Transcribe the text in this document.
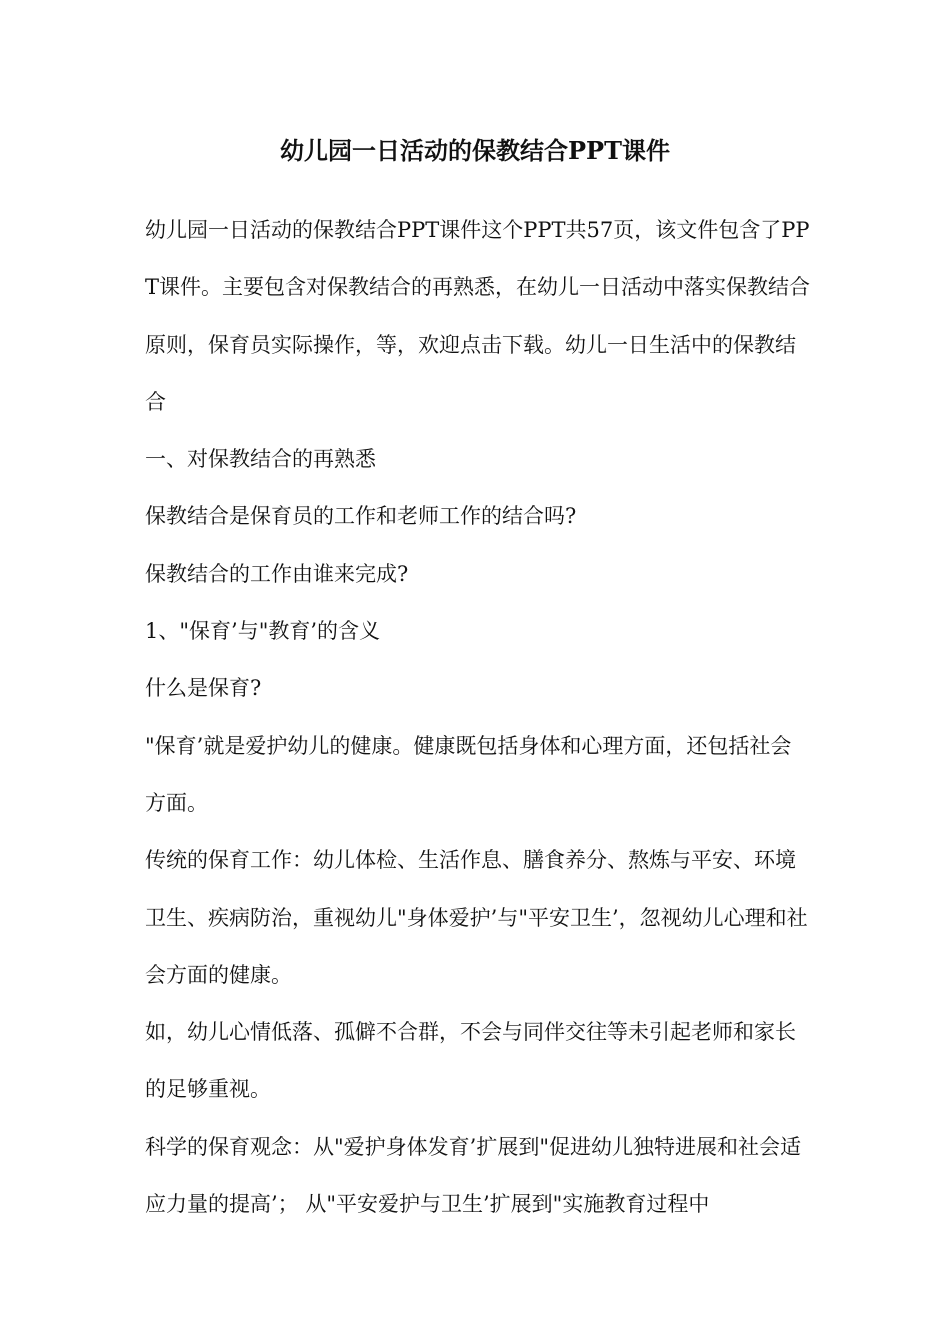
幼儿园一日活动的保教结合PPT课件

幼儿园一日活动的保教结合PPT课件这个PPT共57页，该文件包含了PPT课件。主要包含对保教结合的再熟悉，在幼儿一日活动中落实保教结合原则，保育员实际操作，等，欢迎点击下载。幼儿一日生活中的保教结合

一、对保教结合的再熟悉

保教结合是保育员的工作和老师工作的结合吗?

保教结合的工作由谁来完成?

1、"保育’与"教育’的含义

什么是保育?

"保育’就是爱护幼儿的健康。健康既包括身体和心理方面，还包括社会方面。

传统的保育工作：幼儿体检、生活作息、膳食养分、熬炼与平安、环境卫生、疾病防治，重视幼儿"身体爱护’与"平安卫生’，忽视幼儿心理和社会方面的健康。

如，幼儿心情低落、孤僻不合群，不会与同伴交往等未引起老师和家长的足够重视。

科学的保育观念：从"爱护身体发育’扩展到"促进幼儿独特进展和社会适应力量的提高’； 从"平安爱护与卫生’扩展到"实施教育过程中
